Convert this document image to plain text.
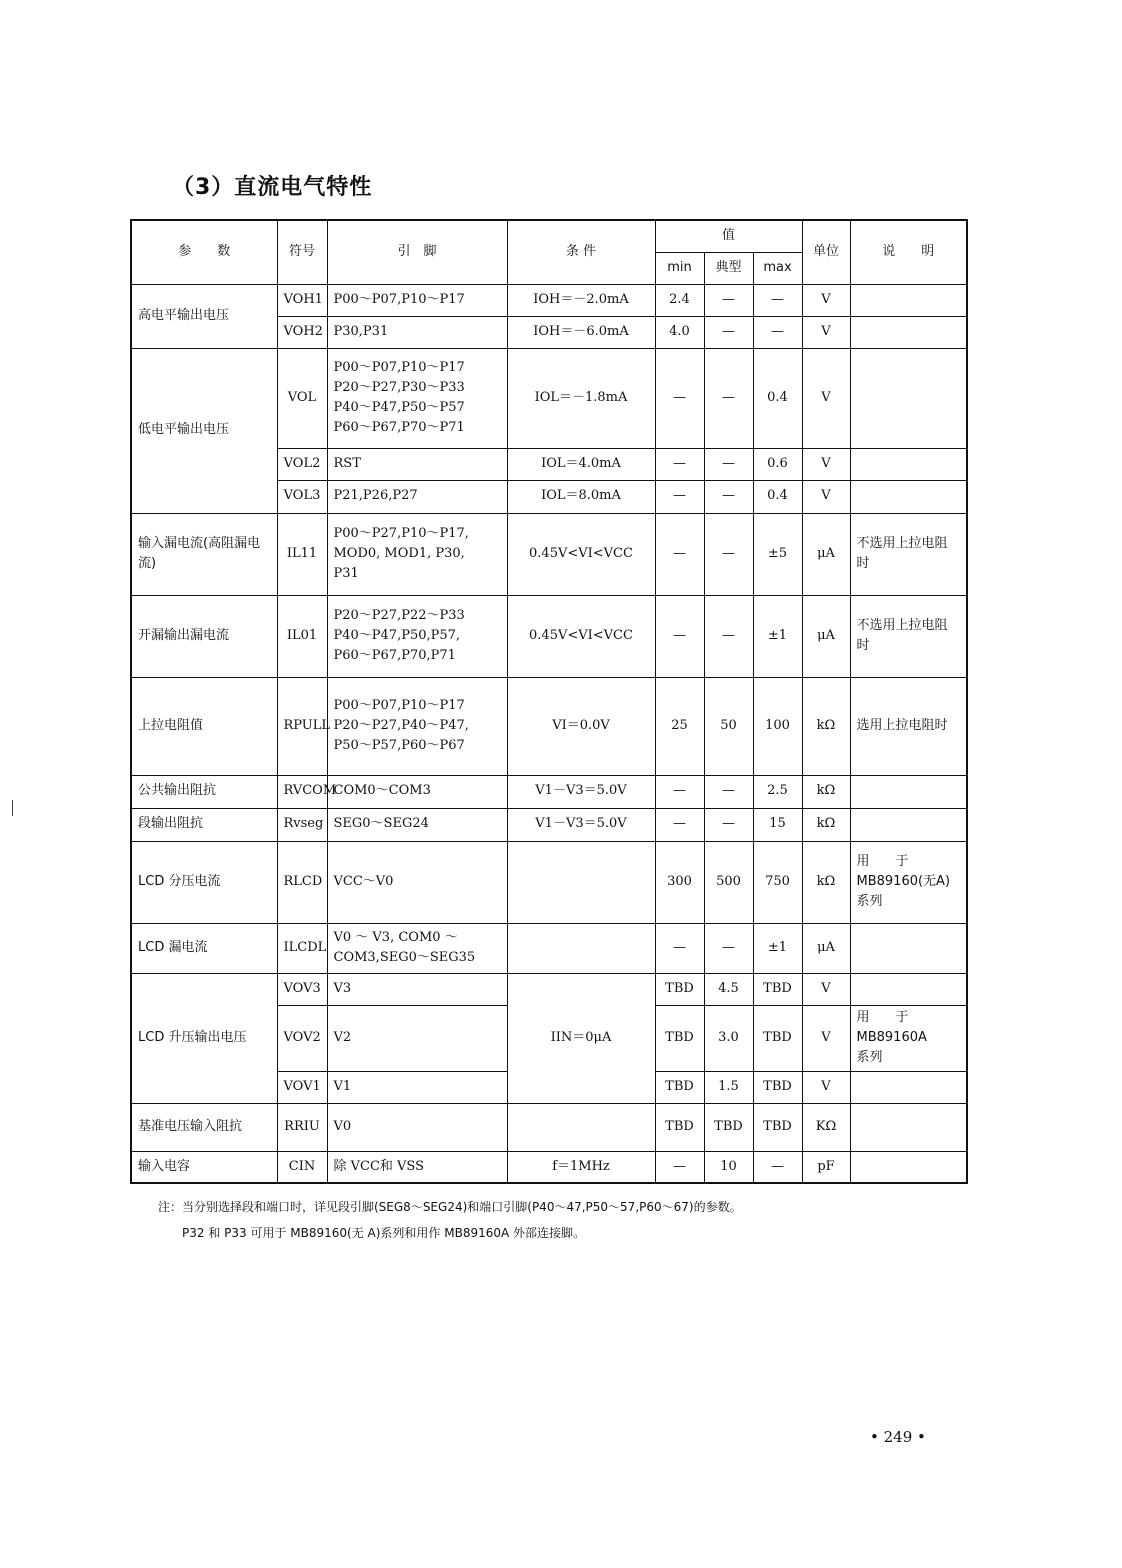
（3）直流电气特性
参　　数	符号	引　脚	条 件	值			单位	说　　明
				min	典型	max		
高电平输出电压	VOH1	P00～P07,P10～P17	IOH＝－2.0mA	2.4	—	—	V	
	VOH2	P30,P31	IOH＝－6.0mA	4.0	—	—	V	
低电平输出电压	VOL	P00～P07,P10～P17
P20～P27,P30～P33
P40～P47,P50～P57
P60～P67,P70～P71	IOL＝－1.8mA	—	—	0.4	V	
	VOL2	RST	IOL＝4.0mA	—	—	0.6	V	
	VOL3	P21,P26,P27	IOL＝8.0mA	—	—	0.4	V	
输入漏电流(高阻漏电流)	IL11	P00～P27,P10～P17,
MOD0, MOD1, P30,
P31	0.45V<VI<VCC	—	—	±5	μA	不选用上拉电阻时
开漏输出漏电流	IL01	P20～P27,P22～P33
P40～P47,P50,P57,
P60～P67,P70,P71	0.45V<VI<VCC	—	—	±1	μA	不选用上拉电阻时
上拉电阻值	RPULL	P00～P07,P10～P17
P20～P27,P40～P47,
P50～P57,P60～P67	VI＝0.0V	25	50	100	kΩ	选用上拉电阻时
公共输出阻抗	RVCOM	COM0～COM3	V1－V3＝5.0V	—	—	2.5	kΩ	
段输出阻抗	Rvseg	SEG0～SEG24	V1－V3＝5.0V	—	—	15	kΩ	
LCD 分压电流	RLCD	VCC～V0		300	500	750	kΩ	用　　于 MB89160(无A)系列
LCD 漏电流	ILCDL	V0 ～ V3, COM0 ～
COM3,SEG0～SEG35		—	—	±1	μA	
LCD 升压输出电压	VOV3	V3	IIN＝0μA	TBD	4.5	TBD	V	
	VOV2	V2		TBD	3.0	TBD	V	用　　于
MB89160A
系列
	VOV1	V1		TBD	1.5	TBD	V	
基准电压输入阻抗	RRIU	V0		TBD	TBD	TBD	KΩ	
输入电容	CIN	除 VCC和 VSS	f＝1MHz	—	10	—	pF	
注：当分别选择段和端口时，详见段引脚(SEG8～SEG24)和端口引脚(P40～47,P50～57,P60～67)的参数。
P32 和 P33 可用于 MB89160(无 A)系列和用作 MB89160A 外部连接脚。
• 249 •
